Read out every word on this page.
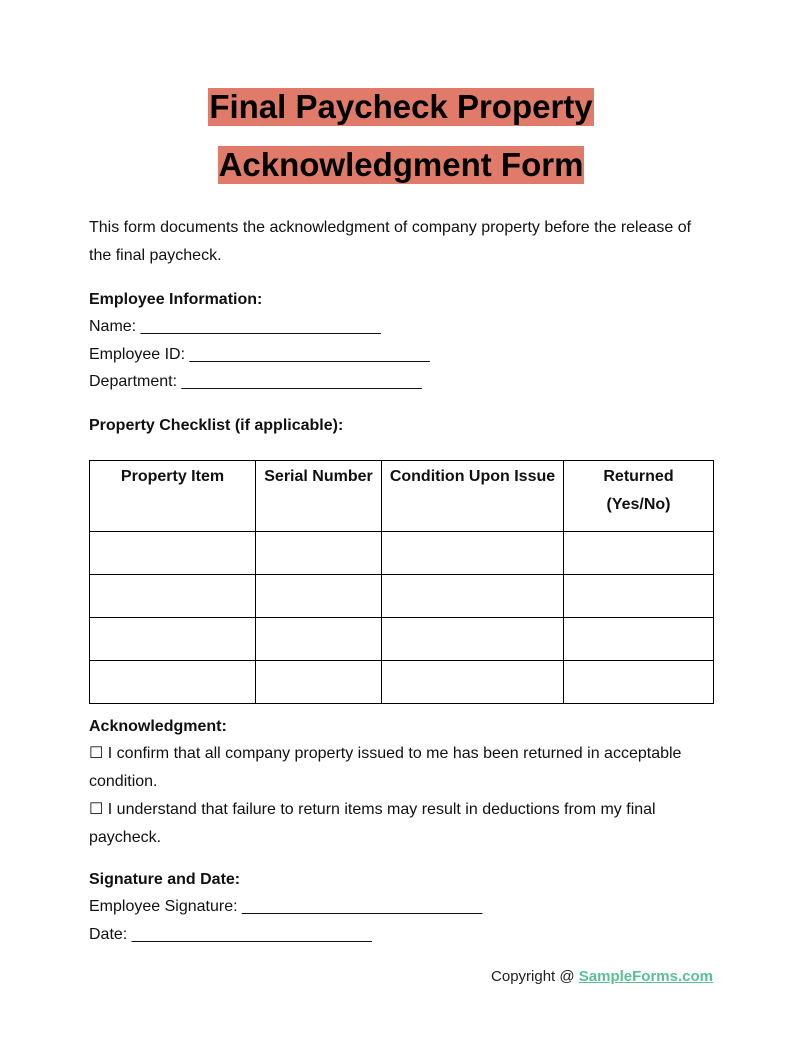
Final Paycheck Property
Acknowledgment Form
This form documents the acknowledgment of company property before the release of the final paycheck.
Employee Information:
Name: ___________________________
Employee ID: ___________________________
Department: ___________________________
Property Checklist (if applicable):
Property Item	Serial Number	Condition Upon Issue	Returned (Yes/No)

Acknowledgment:
☐ I confirm that all company property issued to me has been returned in acceptable condition.
☐ I understand that failure to return items may result in deductions from my final paycheck.
Signature and Date:
Employee Signature: ___________________________
Date: ___________________________
Copyright @ SampleForms.com
